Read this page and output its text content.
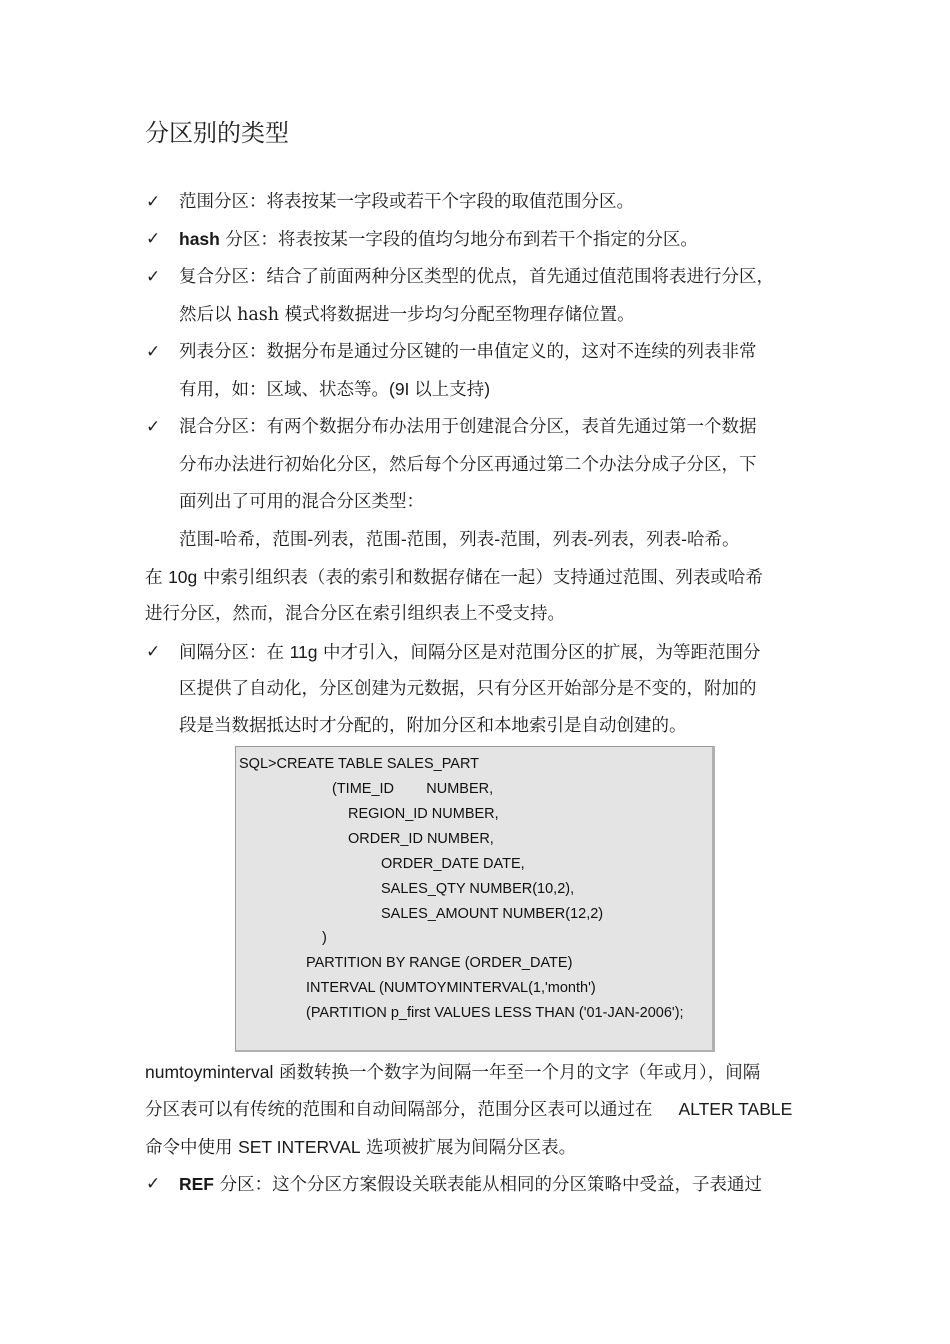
分区别的类型
✓ 范围分区：将表按某一字段或若干个字段的取值范围分区。
✓ hash 分区：将表按某一字段的值均匀地分布到若干个指定的分区。
✓ 复合分区：结合了前面两种分区类型的优点，首先通过值范围将表进行分区，
然后以 hash 模式将数据进一步均匀分配至物理存储位置。
✓ 列表分区：数据分布是通过分区键的一串值定义的，这对不连续的列表非常
有用，如：区域、状态等。(9I 以上支持)
✓ 混合分区：有两个数据分布办法用于创建混合分区，表首先通过第一个数据
分布办法进行初始化分区，然后每个分区再通过第二个办法分成子分区，下
面列出了可用的混合分区类型：
范围-哈希，范围-列表，范围-范围，列表-范围，列表-列表，列表-哈希。
在 10g 中索引组织表（表的索引和数据存储在一起）支持通过范围、列表或哈希
进行分区，然而，混合分区在索引组织表上不受支持。
✓ 间隔分区：在 11g 中才引入，间隔分区是对范围分区的扩展，为等距范围分
区提供了自动化，分区创建为元数据，只有分区开始部分是不变的，附加的
段是当数据抵达时才分配的，附加分区和本地索引是自动创建的。
SQL>CREATE TABLE SALES_PART
(TIME_ID        NUMBER,
REGION_ID NUMBER,
ORDER_ID NUMBER,
ORDER_DATE DATE,
SALES_QTY NUMBER(10,2),
SALES_AMOUNT NUMBER(12,2)
)
PARTITION BY RANGE (ORDER_DATE)
INTERVAL (NUMTOYMINTERVAL(1,'month')
(PARTITION p_first VALUES LESS THAN ('01-JAN-2006');
numtoyminterval 函数转换一个数字为间隔一年至一个月的文字（年或月），间隔
分区表可以有传统的范围和自动间隔部分，范围分区表可以通过在 ALTER TABLE
命令中使用 SET INTERVAL 选项被扩展为间隔分区表。
✓ REF 分区：这个分区方案假设关联表能从相同的分区策略中受益，子表通过
